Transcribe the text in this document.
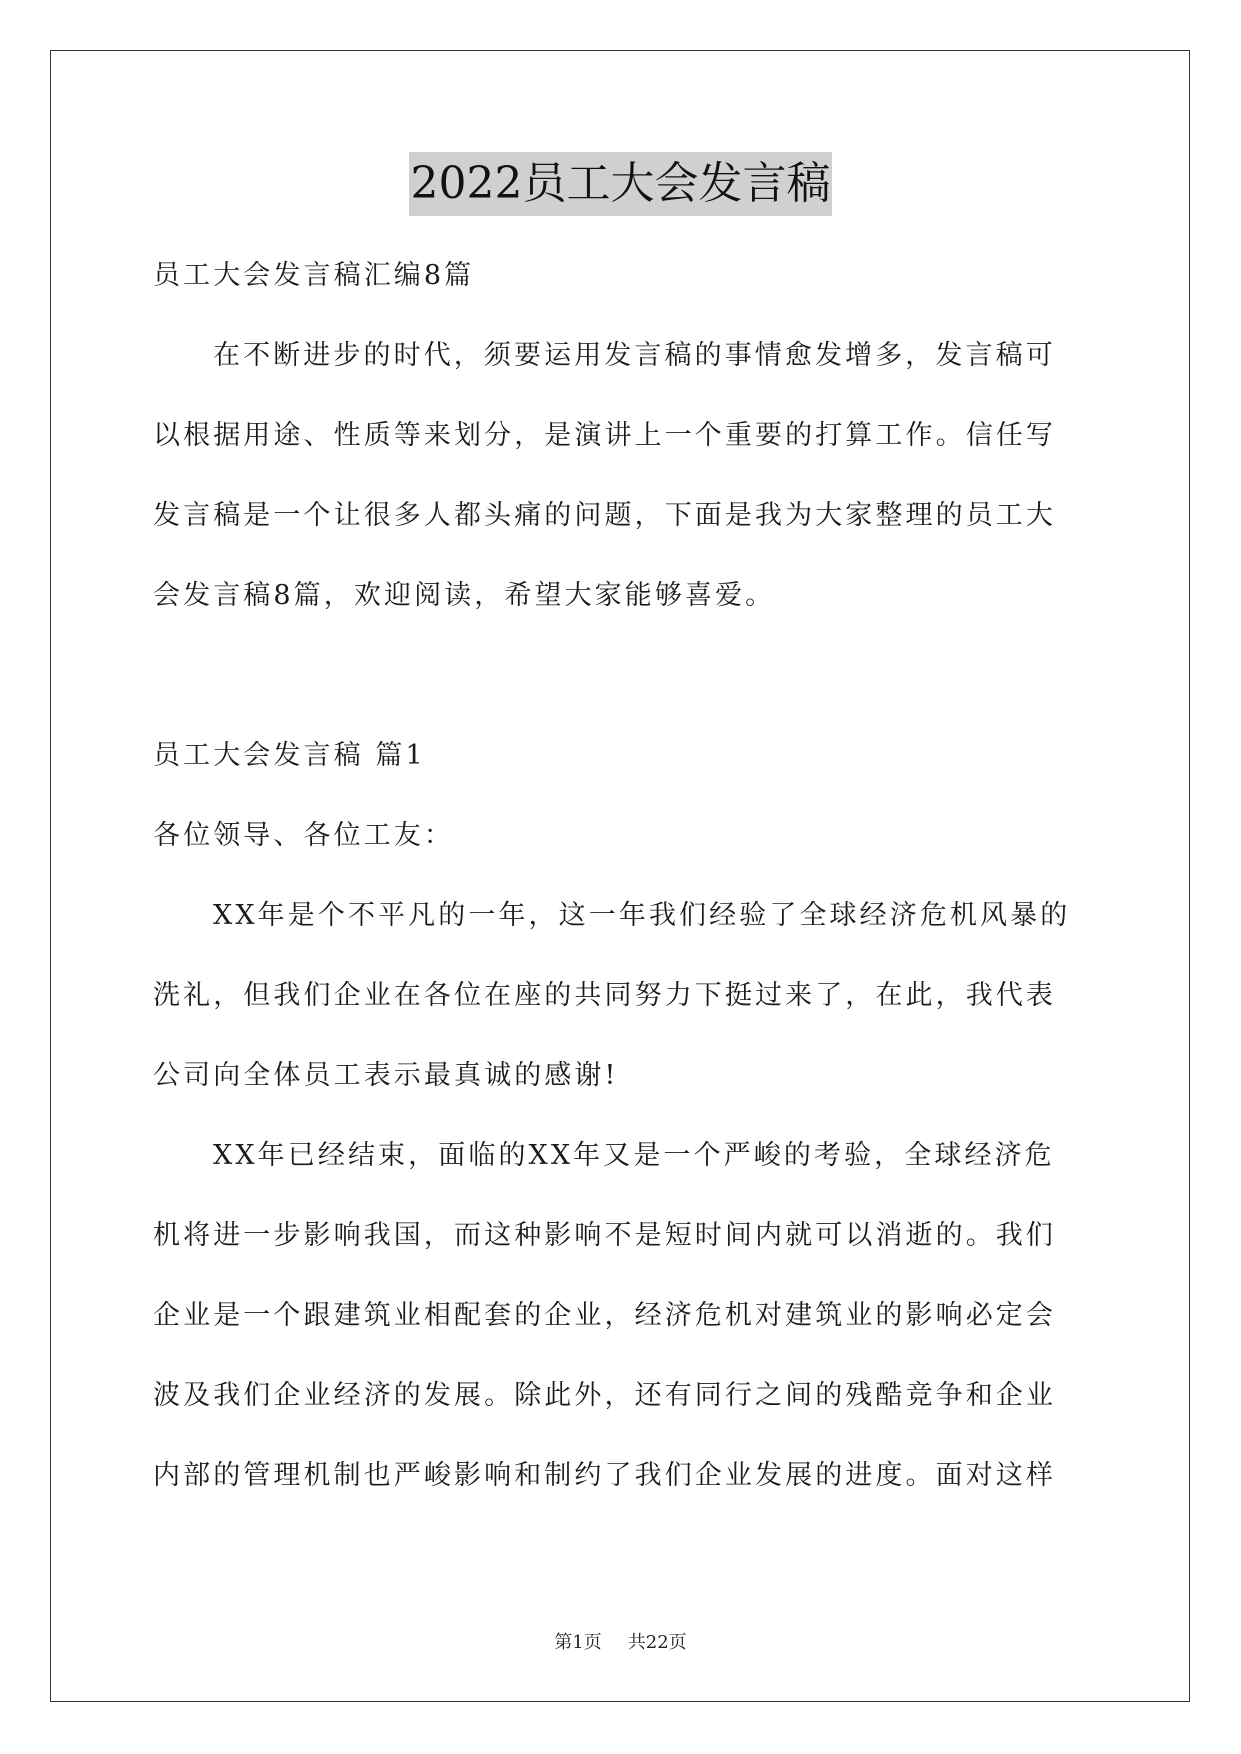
2022员工大会发言稿
员工大会发言稿汇编8篇
在不断进步的时代，须要运用发言稿的事情愈发增多，发言稿可
以根据用途、性质等来划分，是演讲上一个重要的打算工作。信任写
发言稿是一个让很多人都头痛的问题，下面是我为大家整理的员工大
会发言稿8篇，欢迎阅读，希望大家能够喜爱。
员工大会发言稿 篇1
各位领导、各位工友：
XX年是个不平凡的一年，这一年我们经验了全球经济危机风暴的
洗礼，但我们企业在各位在座的共同努力下挺过来了，在此，我代表
公司向全体员工表示最真诚的感谢!
XX年已经结束，面临的XX年又是一个严峻的考验，全球经济危
机将进一步影响我国，而这种影响不是短时间内就可以消逝的。我们
企业是一个跟建筑业相配套的企业，经济危机对建筑业的影响必定会
波及我们企业经济的发展。除此外，还有同行之间的残酷竞争和企业
内部的管理机制也严峻影响和制约了我们企业发展的进度。面对这样
第1页 共22页
